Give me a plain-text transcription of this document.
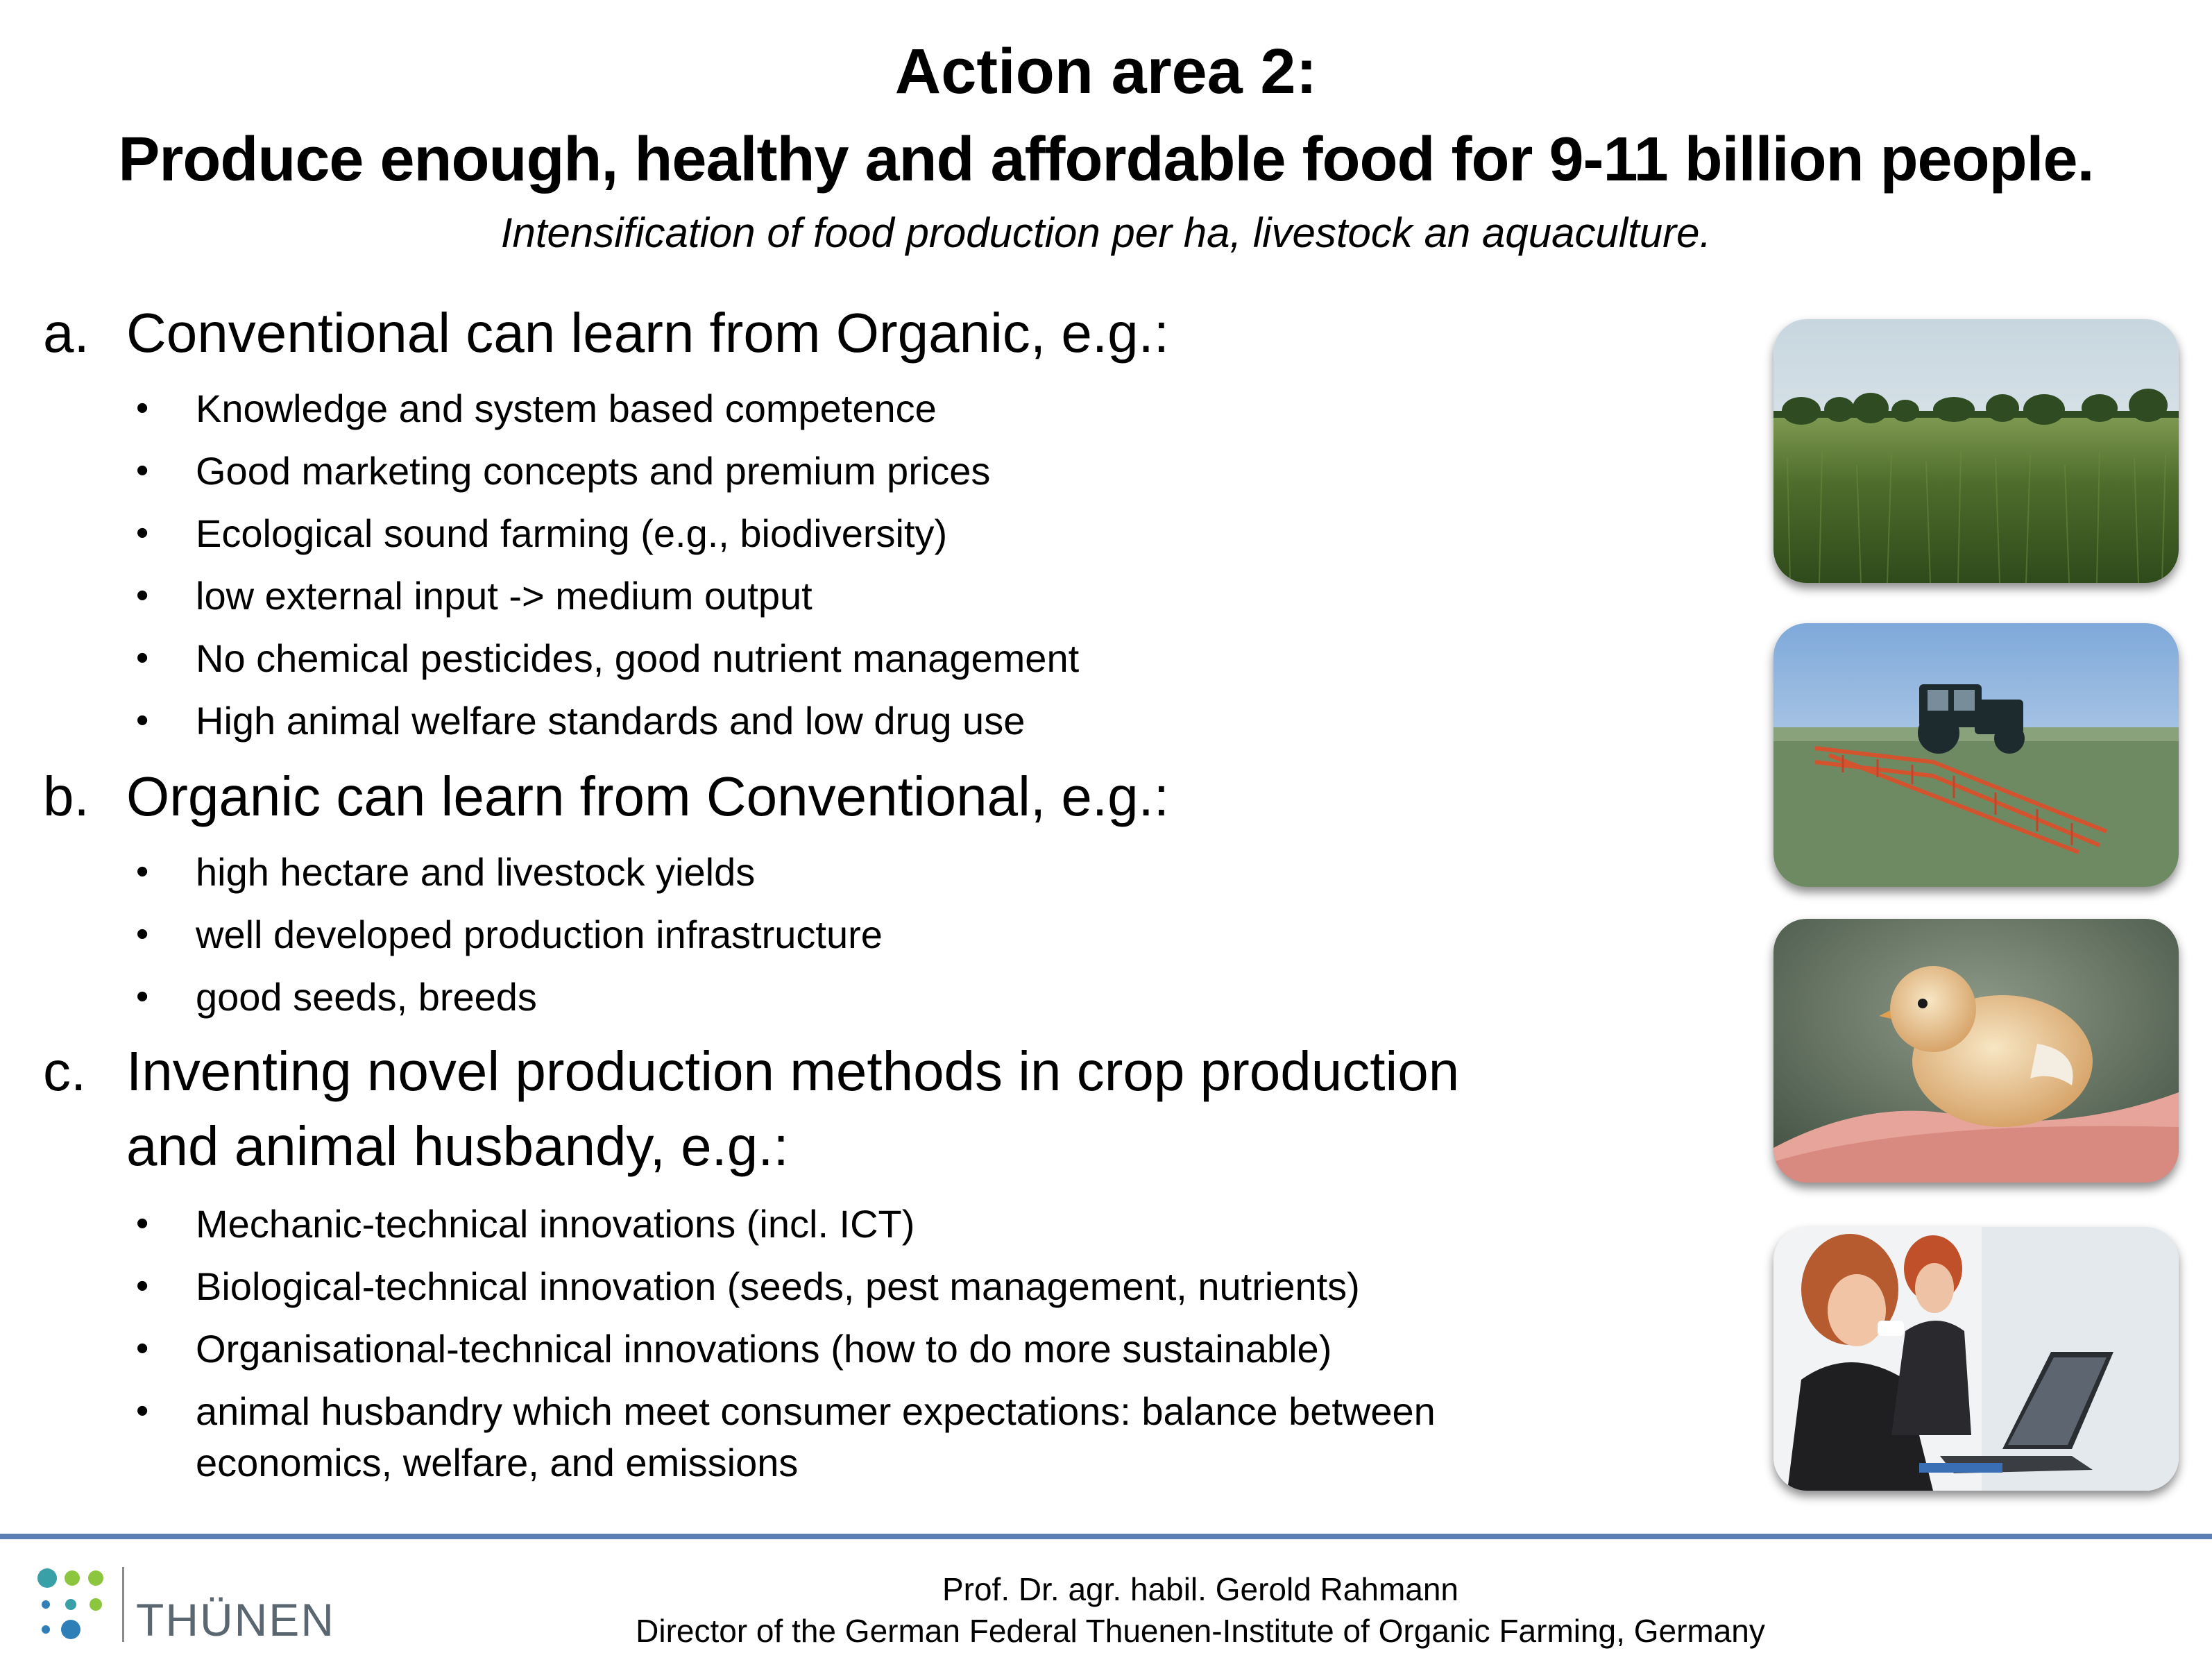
Action area 2:
Produce enough, healthy and affordable food for 9-11 billion people.
Intensification of food production per ha, livestock an aquaculture.
a. Conventional can learn from Organic, e.g.:
• Knowledge and system based competence
• Good marketing concepts and premium prices
• Ecological sound farming (e.g., biodiversity)
• low external input -> medium output
• No chemical pesticides, good nutrient management
• High animal welfare standards and low drug use
b. Organic can learn from Conventional, e.g.:
• high hectare and livestock yields
• well developed production infrastructure
• good seeds, breeds
c. Inventing novel production methods in crop production
and animal husbandy, e.g.:
• Mechanic-technical innovations (incl. ICT)
• Biological-technical innovation (seeds, pest management, nutrients)
• Organisational-technical innovations (how to do more sustainable)
• animal husbandry which meet consumer expectations: balance between
economics, welfare, and emissions
THÜNEN
Prof. Dr. agr. habil. Gerold Rahmann
Director of the German Federal Thuenen-Institute of Organic Farming, Germany
